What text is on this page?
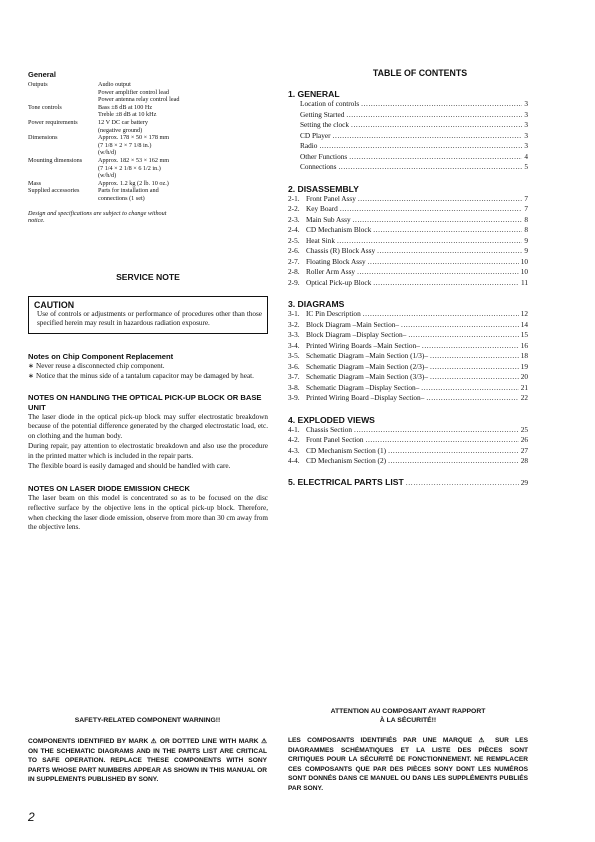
General
Outputs	Audio output
Power amplifier control lead
Power antenna relay control lead
Tone controls	Bass ±8 dB at 100 Hz
Treble ±8 dB at 10 kHz
Power requirements	12 V DC car battery
(negative ground)
Dimensions	Approx. 178 × 50 × 178 mm
(7 1/8 × 2 × 7 1/8 in.)
(w/h/d)
Mounting dimensions	Approx. 182 × 53 × 162 mm
(7 1/4 × 2 1/8 × 6 1/2 in.)
(w/h/d)
Mass	Approx. 1.2 kg (2 lb. 10 oz.)
Supplied accessories	Parts for installation and
connections (1 set)
Design and specifications are subject to change without notice.
SERVICE NOTE
CAUTION
Use of controls or adjustments or performance of procedures other than those specified herein may result in hazardous radiation exposure.
Notes on Chip Component Replacement
∗ Never reuse a disconnected chip component.
∗ Notice that the minus side of a tantalum capacitor may be damaged by heat.
NOTES ON HANDLING THE OPTICAL PICK-UP BLOCK OR BASE UNIT
The laser diode in the optical pick-up block may suffer electrostatic breakdown because of the potential difference generated by the charged electrostatic load, etc. on clothing and the human body.
During repair, pay attention to electrostatic breakdown and also use the procedure in the printed matter which is included in the repair parts.
The flexible board is easily damaged and should be handled with care.
NOTES ON LASER DIODE EMISSION CHECK
The laser beam on this model is concentrated so as to be focused on the disc reflective surface by the objective lens in the optical pick-up block. Therefore, when checking the laser diode emission, observe from more than 30 cm away from the objective lens.
TABLE OF CONTENTS
1. GENERAL
Location of controls .....	3
Getting Started .....	3
Setting the clock .....	3
CD Player .....	3
Radio .....	3
Other Functions .....	4
Connections .....	5
2. DISASSEMBLY
2-1. Front Panel Assy .....	7
2-2. Key Board .....	7
2-3. Main Sub Assy .....	8
2-4. CD Mechanism Block .....	8
2-5. Heat Sink .....	9
2-6. Chassis (R) Block Assy .....	9
2-7. Floating Block Assy .....	10
2-8. Roller Arm Assy .....	10
2-9. Optical Pick-up Block .....	11
3. DIAGRAMS
3-1. IC Pin Description .....	12
3-2. Block Diagram –Main Section– .....	14
3-3. Block Diagram –Display Section– .....	15
3-4. Printed Wiring Boards –Main Section– .....	16
3-5. Schematic Diagram –Main Section (1/3)– .....	18
3-6. Schematic Diagram –Main Section (2/3)– .....	19
3-7. Schematic Diagram –Main Section (3/3)– .....	20
3-8. Schematic Diagram –Display Section– .....	21
3-9. Printed Wiring Board –Display Section– .....	22
4. EXPLODED VIEWS
4-1. Chassis Section .....	25
4-2. Front Panel Section .....	26
4-3. CD Mechanism Section (1) .....	27
4-4. CD Mechanism Section (2) .....	28
5. ELECTRICAL PARTS LIST .....	29
SAFETY-RELATED COMPONENT WARNING!!
COMPONENTS IDENTIFIED BY MARK ⚠ OR DOTTED LINE WITH MARK ⚠ ON THE SCHEMATIC DIAGRAMS AND IN THE PARTS LIST ARE CRITICAL TO SAFE OPERATION. REPLACE THESE COMPONENTS WITH SONY PARTS WHOSE PART NUMBERS APPEAR AS SHOWN IN THIS MANUAL OR IN SUPPLEMENTS PUBLISHED BY SONY.
ATTENTION AU COMPOSANT AYANT RAPPORT
À LA SÉCURITÉ!!
LES COMPOSANTS IDENTIFIÉS PAR UNE MARQUE ⚠ SUR LES DIAGRAMMES SCHÉMATIQUES ET LA LISTE DES PIÈCES SONT CRITIQUES POUR LA SÉCURITÉ DE FONCTIONNEMENT. NE REMPLACER CES COMPOSANTS QUE PAR DES PIÈCES SONY DONT LES NUMÉROS SONT DONNÉS DANS CE MANUEL OU DANS LES SUPPLÉMENTS PUBLIÉS PAR SONY.
2
